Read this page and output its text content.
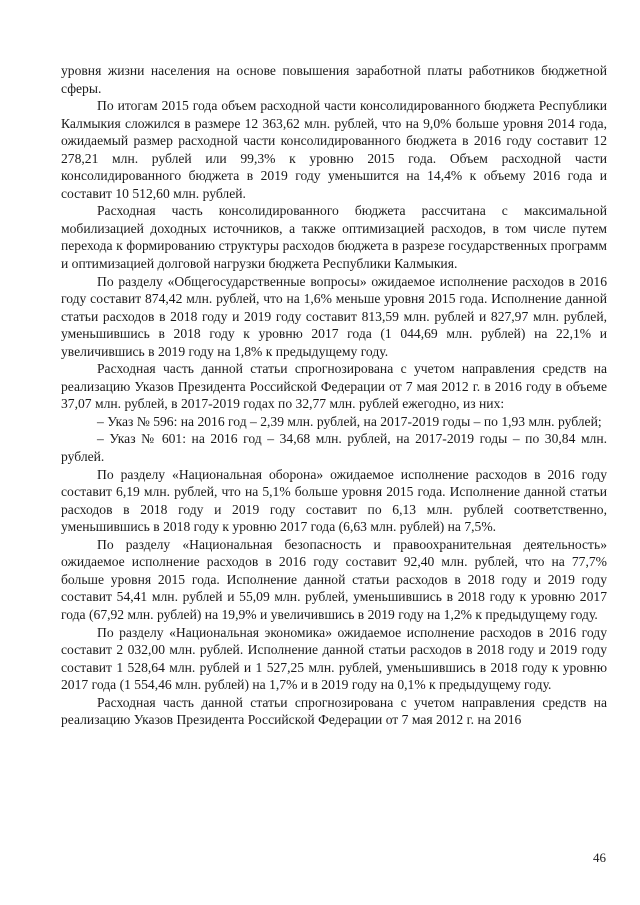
уровня жизни населения на основе повышения заработной платы работников бюджетной сферы.

По итогам 2015 года объем расходной части консолидированного бюджета Республики Калмыкия сложился в размере 12 363,62 млн. рублей, что на 9,0% больше уровня 2014 года, ожидаемый размер расходной части консолидированного бюджета в 2016 году составит 12 278,21 млн. рублей или 99,3% к уровню 2015 года. Объем расходной части консолидированного бюджета в 2019 году уменьшится на 14,4% к объему 2016 года и составит 10 512,60 млн. рублей.

Расходная часть консолидированного бюджета рассчитана с максимальной мобилизацией доходных источников, а также оптимизацией расходов, в том числе путем перехода к формированию структуры расходов бюджета в разрезе государственных программ и оптимизацией долговой нагрузки бюджета Республики Калмыкия.

По разделу «Общегосударственные вопросы» ожидаемое исполнение расходов в 2016 году составит 874,42 млн. рублей, что на 1,6% меньше уровня 2015 года. Исполнение данной статьи расходов в 2018 году и 2019 году составит 813,59 млн. рублей и 827,97 млн. рублей, уменьшившись в 2018 году к уровню 2017 года (1 044,69 млн. рублей) на 22,1% и увеличившись в 2019 году на 1,8% к предыдущему году.

Расходная часть данной статьи спрогнозирована с учетом направления средств на реализацию Указов Президента Российской Федерации от 7 мая 2012 г. в 2016 году в объеме 37,07 млн. рублей, в 2017-2019 годах по 32,77 млн. рублей ежегодно, из них:

– Указ № 596: на 2016 год – 2,39 млн. рублей, на 2017-2019 годы – по 1,93 млн. рублей;

– Указ № 601: на 2016 год – 34,68 млн. рублей, на 2017-2019 годы – по 30,84 млн. рублей.

По разделу «Национальная оборона» ожидаемое исполнение расходов в 2016 году составит 6,19 млн. рублей, что на 5,1% больше уровня 2015 года. Исполнение данной статьи расходов в 2018 году и 2019 году составит по 6,13 млн. рублей соответственно, уменьшившись в 2018 году к уровню 2017 года (6,63 млн. рублей) на 7,5%.

По разделу «Национальная безопасность и правоохранительная деятельность» ожидаемое исполнение расходов в 2016 году составит 92,40 млн. рублей, что на 77,7% больше уровня 2015 года. Исполнение данной статьи расходов в 2018 году и 2019 году составит 54,41 млн. рублей и 55,09 млн. рублей, уменьшившись в 2018 году к уровню 2017 года (67,92 млн. рублей) на 19,9% и увеличившись в 2019 году на 1,2% к предыдущему году.

По разделу «Национальная экономика» ожидаемое исполнение расходов в 2016 году составит 2 032,00 млн. рублей. Исполнение данной статьи расходов в 2018 году и 2019 году составит 1 528,64 млн. рублей и 1 527,25 млн. рублей, уменьшившись в 2018 году к уровню 2017 года (1 554,46 млн. рублей) на 1,7% и в 2019 году на 0,1% к предыдущему году.

Расходная часть данной статьи спрогнозирована с учетом направления средств на реализацию Указов Президента Российской Федерации от 7 мая 2012 г. на 2016

46
